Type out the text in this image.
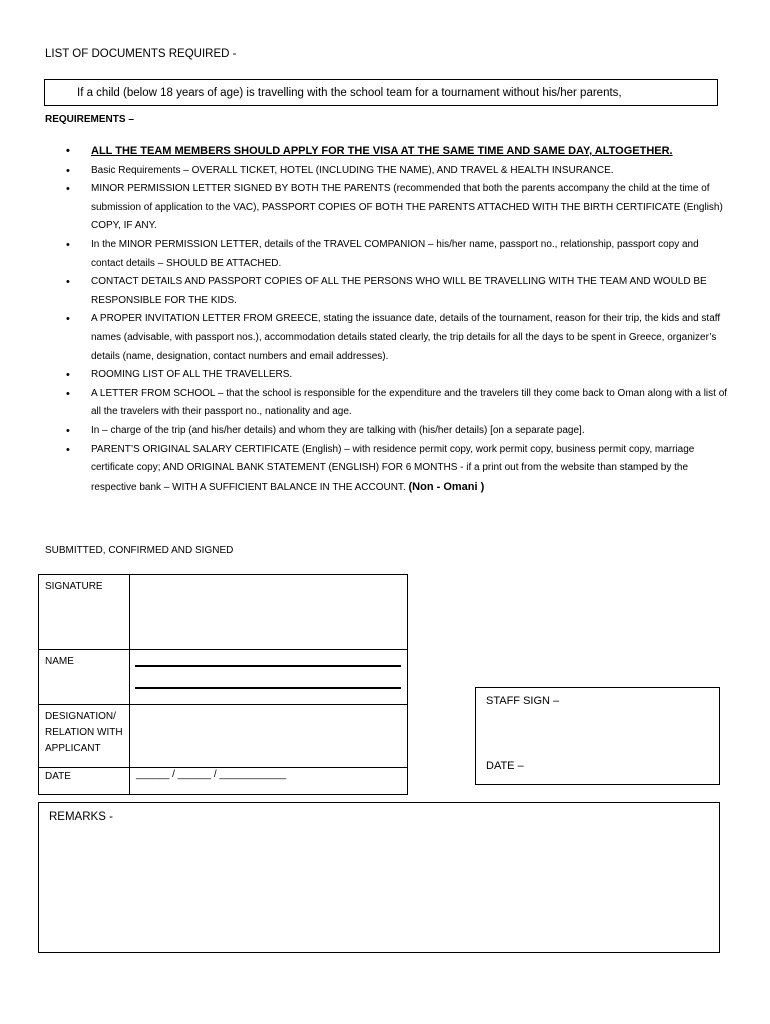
LIST OF DOCUMENTS REQUIRED -
If a child (below 18 years of age) is travelling with the school team for a tournament without his/her parents,
REQUIREMENTS –
• ALL THE TEAM MEMBERS SHOULD APPLY FOR THE VISA AT THE SAME TIME AND SAME DAY, ALTOGETHER.
• Basic Requirements – OVERALL TICKET, HOTEL (INCLUDING THE NAME), AND TRAVEL & HEALTH INSURANCE.
• MINOR PERMISSION LETTER SIGNED BY BOTH THE PARENTS (recommended that both the parents accompany the child at the time of submission of application to the VAC), PASSPORT COPIES OF BOTH THE PARENTS ATTACHED WITH THE BIRTH CERTIFICATE (English) COPY, IF ANY.
• In the MINOR PERMISSION LETTER, details of the TRAVEL COMPANION – his/her name, passport no., relationship, passport copy and contact details – SHOULD BE ATTACHED.
• CONTACT DETAILS AND PASSPORT COPIES OF ALL THE PERSONS WHO WILL BE TRAVELLING WITH THE TEAM AND WOULD BE RESPONSIBLE FOR THE KIDS.
• A PROPER INVITATION LETTER FROM GREECE, stating the issuance date, details of the tournament, reason for their trip, the kids and staff names (advisable, with passport nos.), accommodation details stated clearly, the trip details for all the days to be spent in Greece, organizer’s details (name, designation, contact numbers and email addresses).
• ROOMING LIST OF ALL THE TRAVELLERS.
• A LETTER FROM SCHOOL – that the school is responsible for the expenditure and the travelers till they come back to Oman along with a list of all the travelers with their passport no., nationality and age.
• In – charge of the trip (and his/her details) and whom they are talking with (his/her details) [on a separate page].
• PARENT’S ORIGINAL SALARY CERTIFICATE (English) – with residence permit copy, work permit copy, business permit copy, marriage certificate copy; AND ORIGINAL BANK STATEMENT (ENGLISH) FOR 6 MONTHS - if a print out from the website than stamped by the respective bank – WITH A SUFFICIENT BALANCE IN THE ACCOUNT. (Non - Omani )
SUBMITTED, CONFIRMED AND SIGNED
SIGNATURE	
NAME	

DESIGNATION/ RELATION WITH APPLICANT	
DATE	______ / ______ / ____________
STAFF SIGN –
DATE –
REMARKS -
